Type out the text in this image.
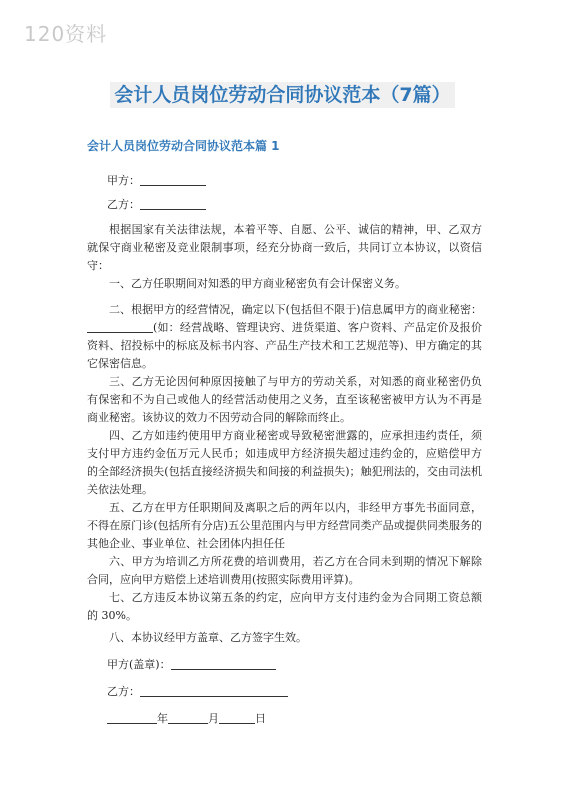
120资料
会计人员岗位劳动合同协议范本（7篇）
会计人员岗位劳动合同协议范本篇 1
甲方：
乙方：

根据国家有关法律法规，本着平等、自愿、公平、诚信的精神，甲、乙双方就保守商业秘密及竞业限制事项，经充分协商一致后，共同订立本协议，以资信守：

一、乙方任职期间对知悉的甲方商业秘密负有会计保密义务。

二、根据甲方的经营情况，确定以下(包括但不限于)信息属甲方的商业秘密：(如：经营战略、管理诀窍、进货渠道、客户资料、产品定价及报价资料、招投标中的标底及标书内容、产品生产技术和工艺规范等)、甲方确定的其它保密信息。

三、乙方无论因何种原因接触了与甲方的劳动关系，对知悉的商业秘密仍负有保密和不为自己或他人的经营活动使用之义务，直至该秘密被甲方认为不再是商业秘密。该协议的效力不因劳动合同的解除而终止。

四、乙方如违约使用甲方商业秘密或导致秘密泄露的，应承担违约责任，须支付甲方违约金伍万元人民币；如违成甲方经济损失超过违约金的，应赔偿甲方的全部经济损失(包括直接经济损失和间接的利益损失)；触犯刑法的，交由司法机关依法处理。

五、乙方在甲方任职期间及离职之后的两年以内，非经甲方事先书面同意，不得在原门诊(包括所有分店)五公里范围内与甲方经营同类产品或提供同类服务的其他企业、事业单位、社会团体内担任任

六、甲方为培训乙方所花费的培训费用，若乙方在合同未到期的情况下解除合同，应向甲方赔偿上述培训费用(按照实际费用评算)。

七、乙方违反本协议第五条的约定，应向甲方支付违约金为合同期工资总额的 30%。

八、本协议经甲方盖章、乙方签字生效。

甲方(盖章)：
乙方：
年	月	日
